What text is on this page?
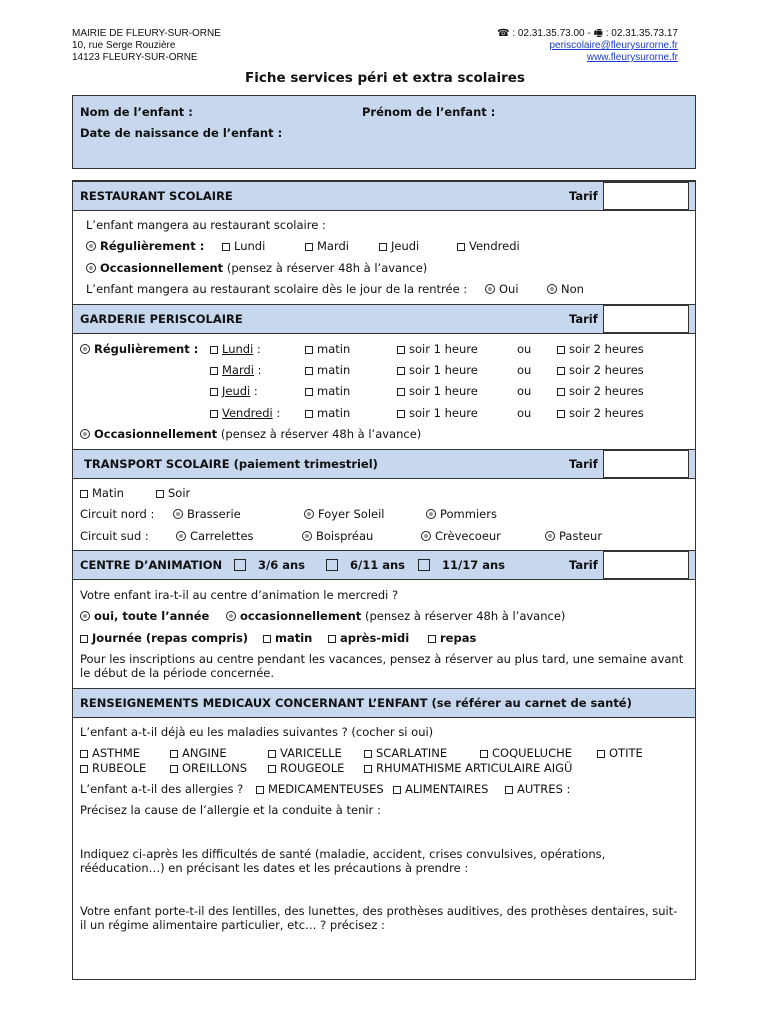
MAIRIE DE FLEURY-SUR-ORNE
10, rue Serge Rouzière
14123 FLEURY-SUR-ORNE
☎ : 02.31.35.73.00 - 🖷 : 02.31.35.73.17
periscolaire@fleurysurorne.fr
www.fleurysurorne.fr
Fiche services péri et extra scolaires
Nom de l’enfant :	Prénom de l’enfant :
Date de naissance de l’enfant :
RESTAURANT SCOLAIRE	Tarif
L’enfant mangera au restaurant scolaire :
Régulièrement :	Lundi	Mardi	Jeudi	Vendredi
Occasionnellement (pensez à réserver 48h à l’avance)
L’enfant mangera au restaurant scolaire dès le jour de la rentrée :	Oui	Non
GARDERIE PERISCOLAIRE	Tarif
Régulièrement :	Lundi :	matin	soir 1 heure	ou	soir 2 heures
Mardi :	matin	soir 1 heure	ou	soir 2 heures
Jeudi :	matin	soir 1 heure	ou	soir 2 heures
Vendredi :	matin	soir 1 heure	ou	soir 2 heures
Occasionnellement (pensez à réserver 48h à l’avance)
TRANSPORT SCOLAIRE (paiement trimestriel)	Tarif
Matin	Soir
Circuit nord :	Brasserie	Foyer Soleil	Pommiers
Circuit sud :	Carrelettes	Boispréau	Crèvecoeur	Pasteur
CENTRE D’ANIMATION	3/6 ans	6/11 ans	11/17 ans	Tarif
Votre enfant ira-t-il au centre d’animation le mercredi ?
oui, toute l’année	occasionnellement (pensez à réserver 48h à l’avance)
Journée (repas compris)	matin	après-midi	repas
Pour les inscriptions au centre pendant les vacances, pensez à réserver au plus tard, une semaine avant
le début de la période concernée.
RENSEIGNEMENTS MEDICAUX CONCERNANT L’ENFANT (se référer au carnet de santé)
L’enfant a-t-il déjà eu les maladies suivantes ? (cocher si oui)
ASTHME	ANGINE	VARICELLE	SCARLATINE	COQUELUCHE	OTITE
RUBEOLE	OREILLONS	ROUGEOLE	RHUMATHISME ARTICULAIRE AIGÜ
L’enfant a-t-il des allergies ?	MEDICAMENTEUSES	ALIMENTAIRES	AUTRES :
Précisez la cause de l’allergie et la conduite à tenir :
Indiquez ci-après les difficultés de santé (maladie, accident, crises convulsives, opérations,
rééducation…) en précisant les dates et les précautions à prendre :
Votre enfant porte-t-il des lentilles, des lunettes, des prothèses auditives, des prothèses dentaires, suit-
il un régime alimentaire particulier, etc… ? précisez :
